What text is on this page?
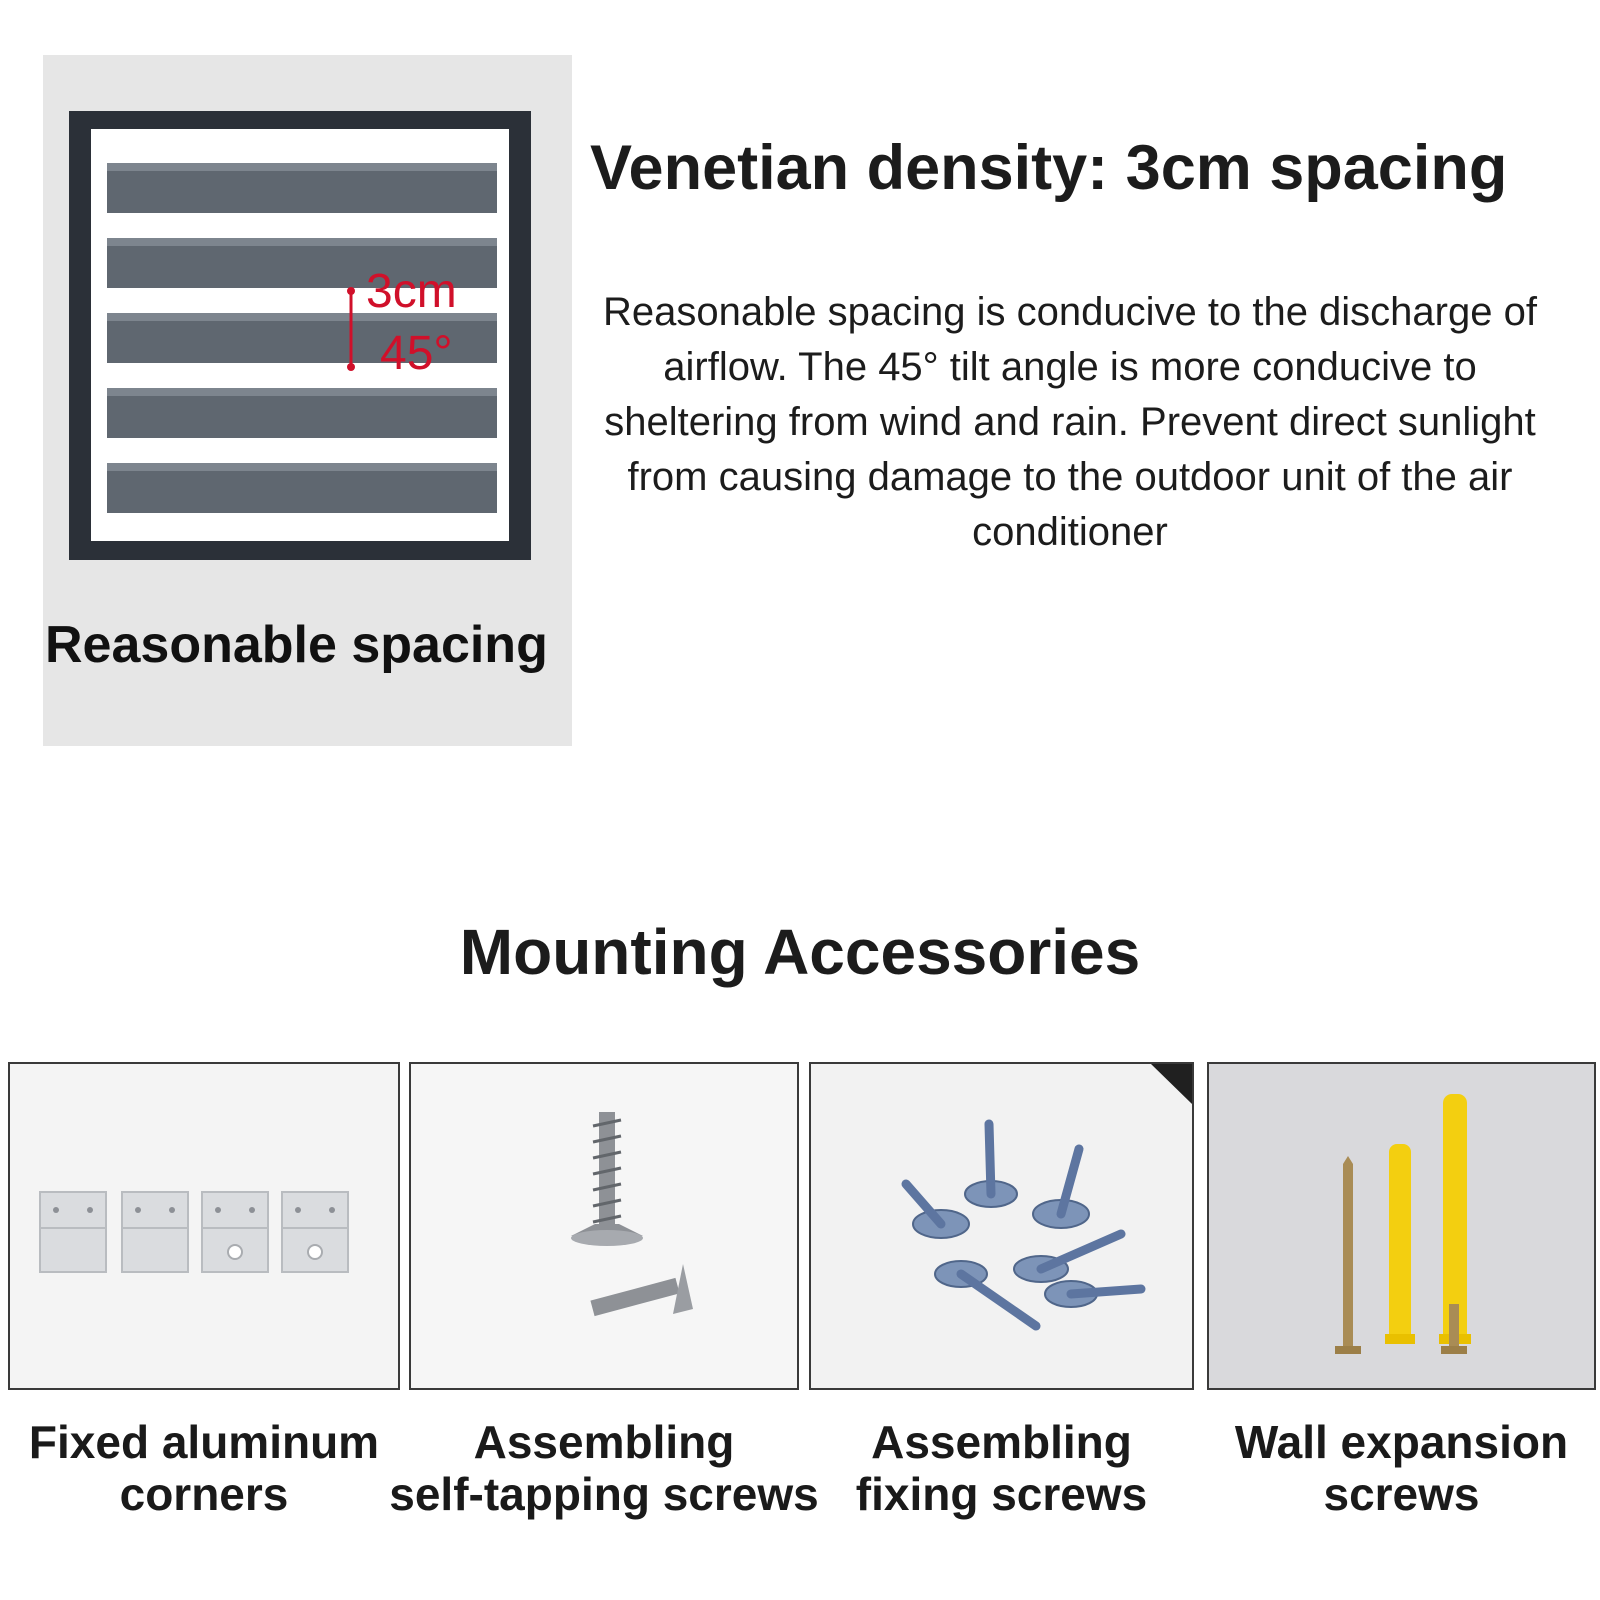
3cm
45°
Reasonable spacing
Venetian density: 3cm spacing
Reasonable spacing is conducive to the discharge of airflow. The 45° tilt angle is more conducive to sheltering from wind and rain. Prevent direct sunlight from causing damage to the outdoor unit of the air conditioner
Mounting Accessories
Fixed aluminum
corners
Assembling
self-tapping screws
Assembling
fixing screws
Wall expansion
screws
